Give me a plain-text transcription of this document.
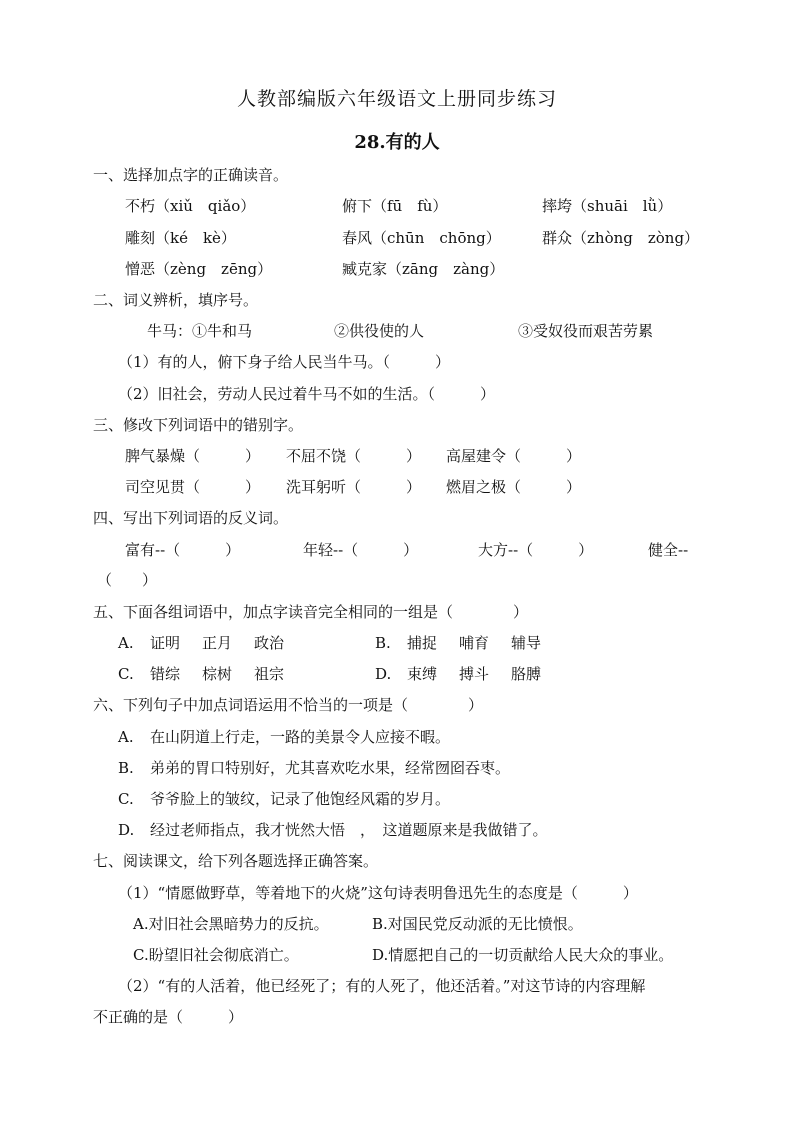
人教部编版六年级语文上册同步练习
28.有的人
一、选择加点字的正确读音。
不朽（xiǔ　qiǎo）	俯下（fū　fù）	摔垮（shuāi　lǜ）
雕刻（ké　kè）	春风（chūn　chōng）	群众（zhòng　zòng）
憎恶（zèng　zēng）	臧克家（zāng　zàng）
二、词义辨析，填序号。
牛马：①牛和马	②供役使的人	③受奴役而艰苦劳累
（1）有的人，俯下身子给人民当牛马。（　　　）
（2）旧社会，劳动人民过着牛马不如的生活。（　　　）
三、修改下列词语中的错别字。
脾气暴燥（　　　） 不屈不饶（　　　） 高屋建令（　　　）
司空见贯（　　　） 洗耳躬听（　　　） 燃眉之极（　　　）
四、写出下列词语的反义词。
富有--（　　　）	年轻--（　　　）	大方--（　　　）	健全--
（　　）
五、下面各组词语中，加点字读音完全相同的一组是（　　　　）
A. 证明 正月 政治	B. 捕捉 哺育 辅导
C. 错综 棕树 祖宗	D. 束缚 搏斗 胳膊
六、下列句子中加点词语运用不恰当的一项是（　　　　）
A. 在山阴道上行走，一路的美景令人应接不暇。
B. 弟弟的胃口特别好，尤其喜欢吃水果，经常囫囵吞枣。
C. 爷爷脸上的皱纹，记录了他饱经风霜的岁月。
D. 经过老师指点，我才恍然大悟　，　这道题原来是我做错了。
七、阅读课文，给下列各题选择正确答案。
（1）“情愿做野草，等着地下的火烧”这句诗表明鲁迅先生的态度是（　　　）
A.对旧社会黑暗势力的反抗。	B.对国民党反动派的无比愤恨。
C.盼望旧社会彻底消亡。	D.情愿把自己的一切贡献给人民大众的事业。
（2）“有的人活着，他已经死了；有的人死了，他还活着。”对这节诗的内容理解
不正确的是（　　　）
